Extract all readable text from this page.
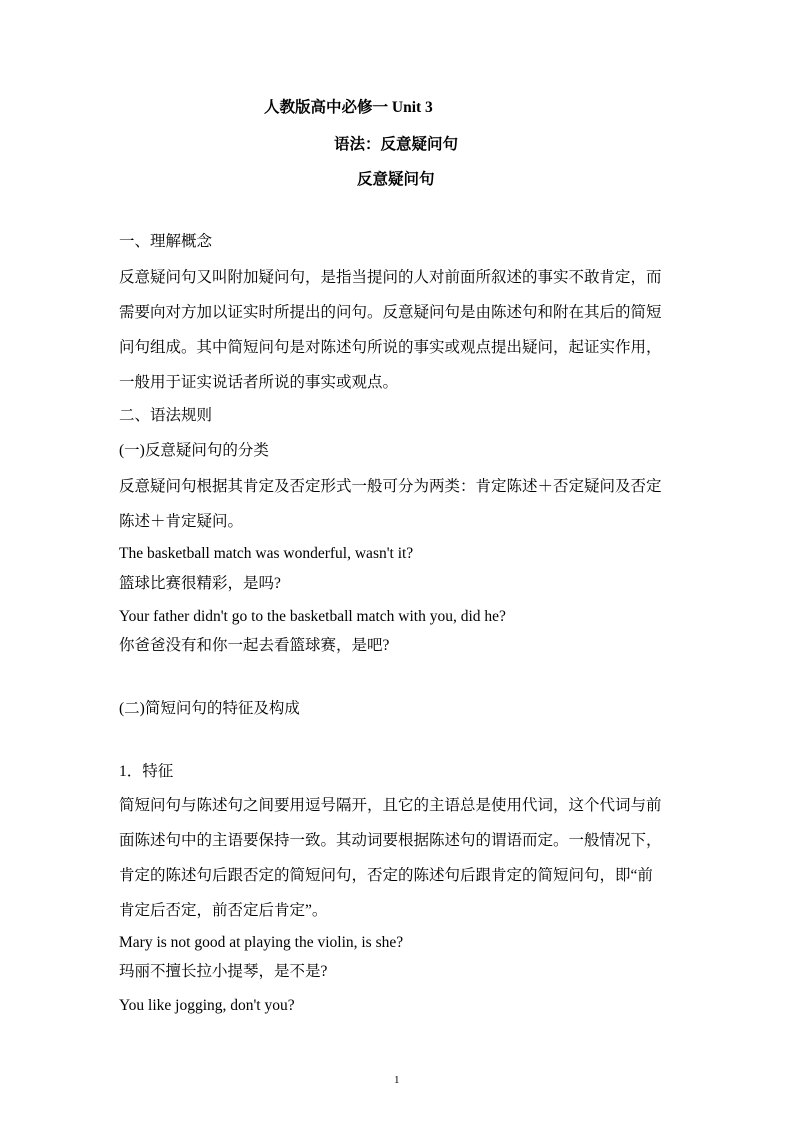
人教版高中必修一 Unit 3
语法：反意疑问句
反意疑问句
一、理解概念
反意疑问句又叫附加疑问句，是指当提问的人对前面所叙述的事实不敢肯定，而
需要向对方加以证实时所提出的问句。反意疑问句是由陈述句和附在其后的简短
问句组成。其中简短问句是对陈述句所说的事实或观点提出疑问，起证实作用，
一般用于证实说话者所说的事实或观点。
二、语法规则
(一)反意疑问句的分类
反意疑问句根据其肯定及否定形式一般可分为两类：肯定陈述＋否定疑问及否定
陈述＋肯定疑问。
The basketball match was wonderful, wasn't it?
篮球比赛很精彩，是吗?
Your father didn't go to the basketball match with you, did he?
你爸爸没有和你一起去看篮球赛，是吧?
(二)简短问句的特征及构成
1．特征
简短问句与陈述句之间要用逗号隔开，且它的主语总是使用代词，这个代词与前
面陈述句中的主语要保持一致。其动词要根据陈述句的谓语而定。一般情况下，
肯定的陈述句后跟否定的简短问句，否定的陈述句后跟肯定的简短问句，即“前
肯定后否定，前否定后肯定”。
Mary is not good at playing the violin, is she?
玛丽不擅长拉小提琴，是不是?
You like jogging, don't you?
1
